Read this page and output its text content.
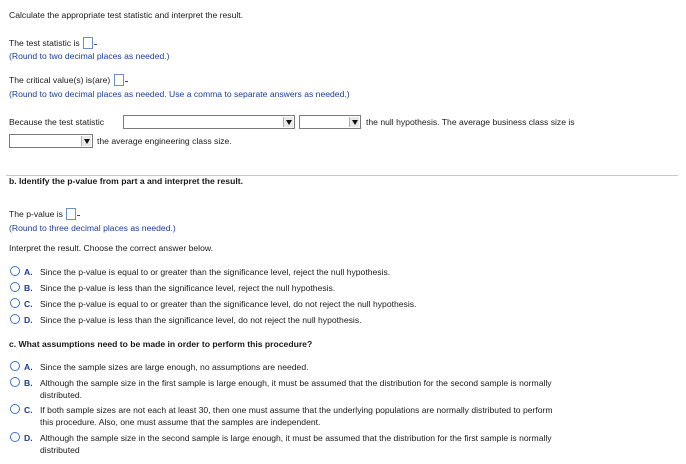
Calculate the appropriate test statistic and interpret the result.
The test statistic is
(Round to two decimal places as needed.)
The critical value(s) is(are)
(Round to two decimal places as needed. Use a comma to separate answers as needed.)
Because the test statistic	the null hypothesis. The average business class size is
the average engineering class size.
b. Identify the p-value from part a and interpret the result.
The p-value is
(Round to three decimal places as needed.)
Interpret the result. Choose the correct answer below.
A. Since the p-value is equal to or greater than the significance level, reject the null hypothesis.
B. Since the p-value is less than the significance level, reject the null hypothesis.
C. Since the p-value is equal to or greater than the significance level, do not reject the null hypothesis.
D. Since the p-value is less than the significance level, do not reject the null hypothesis.
c. What assumptions need to be made in order to perform this procedure?
A. Since the sample sizes are large enough, no assumptions are needed.
B. Although the sample size in the first sample is large enough, it must be assumed that the distribution for the second sample is normally
distributed.
C. If both sample sizes are not each at least 30, then one must assume that the underlying populations are normally distributed to perform
this procedure. Also, one must assume that the samples are independent.
D. Although the sample size in the second sample is large enough, it must be assumed that the distribution for the first sample is normally
distributed
